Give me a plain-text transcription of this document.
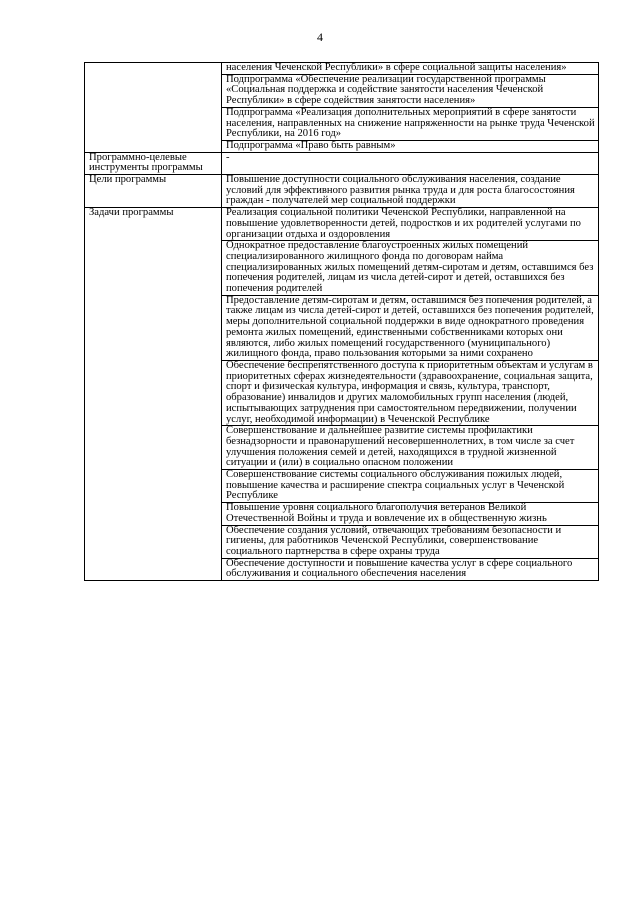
4

	населения Чеченской Республики» в сфере социальной защиты населения»

	Подпрограмма «Обеспечение реализации государственной программы «Социальная поддержка и содействие занятости населения Чеченской Республики» в сфере содействия занятости населения»

	Подпрограмма «Реализация дополнительных мероприятий в сфере занятости населения, направленных на снижение напряженности на рынке труда Чеченской Республики, на 2016 год»

	Подпрограмма «Право быть равным»

Программно-целевые инструменты программы	-

Цели программы	Повышение доступности социального обслуживания населения, создание условий для эффективного развития рынка труда и для роста благосостояния граждан - получателей мер социальной поддержки

Задачи программы	Реализация социальной политики Чеченской Республики, направленной на повышение удовлетворенности детей, подростков и их родителей услугами по организации отдыха и оздоровления

	Однократное предоставление благоустроенных жилых помещений специализированного жилищного фонда по договорам найма специализированных жилых помещений детям-сиротам и детям, оставшимся без попечения родителей, лицам из числа детей-сирот и детей, оставшихся без попечения родителей

	Предоставление детям-сиротам и детям, оставшимся без попечения родителей, а также лицам из числа детей-сирот и детей, оставшихся без попечения родителей, меры дополнительной социальной поддержки в виде однократного проведения ремонта жилых помещений, единственными собственниками которых они являются, либо жилых помещений государственного (муниципального) жилищного фонда, право пользования которыми за ними сохранено

	Обеспечение беспрепятственного доступа к приоритетным объектам и услугам в приоритетных сферах жизнедеятельности (здравоохранение, социальная защита, спорт и физическая культура, информация и связь, культура, транспорт, образование) инвалидов и других маломобильных групп населения (людей, испытывающих затруднения при самостоятельном передвижении, получении услуг, необходимой информации) в Чеченской Республике

	Совершенствование и дальнейшее развитие системы профилактики безнадзорности и правонарушений несовершеннолетних, в том числе за счет улучшения положения семей и детей, находящихся в трудной жизненной ситуации и (или) в социально опасном положении

	Совершенствование системы социального обслуживания пожилых людей, повышение качества и расширение спектра социальных услуг в Чеченской Республике

	Повышение уровня социального благополучия ветеранов Великой Отечественной Войны и труда и вовлечение их в общественную жизнь

	Обеспечение создания условий, отвечающих требованиям безопасности и гигиены, для работников Чеченской Республики, совершенствование социального партнерства в сфере охраны труда

	Обеспечение доступности и повышение качества услуг в сфере социального обслуживания и социального обеспечения населения
